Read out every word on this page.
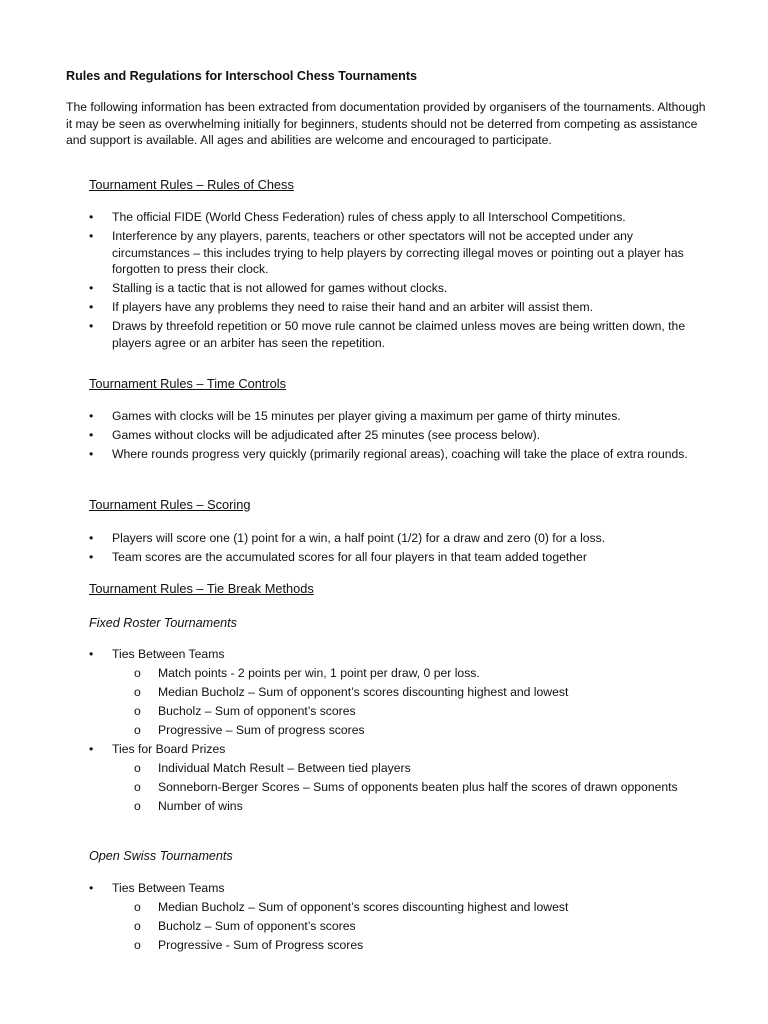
Rules and Regulations for Interschool Chess Tournaments
The following information has been extracted from documentation provided by organisers of the tournaments. Although it may be seen as overwhelming initially for beginners, students should not be deterred from competing as assistance and support is available. All ages and abilities are welcome and encouraged to participate.
Tournament Rules – Rules of Chess
• The official FIDE (World Chess Federation) rules of chess apply to all Interschool Competitions.
• Interference by any players, parents, teachers or other spectators will not be accepted under any circumstances – this includes trying to help players by correcting illegal moves or pointing out a player has forgotten to press their clock.
• Stalling is a tactic that is not allowed for games without clocks.
• If players have any problems they need to raise their hand and an arbiter will assist them.
• Draws by threefold repetition or 50 move rule cannot be claimed unless moves are being written down, the players agree or an arbiter has seen the repetition.
Tournament Rules – Time Controls
• Games with clocks will be 15 minutes per player giving a maximum per game of thirty minutes.
• Games without clocks will be adjudicated after 25 minutes (see process below).
• Where rounds progress very quickly (primarily regional areas), coaching will take the place of extra rounds.
Tournament Rules – Scoring
• Players will score one (1) point for a win, a half point (1/2) for a draw and zero (0) for a loss.
• Team scores are the accumulated scores for all four players in that team added together
Tournament Rules – Tie Break Methods
Fixed Roster Tournaments
• Ties Between Teams
o Match points - 2 points per win, 1 point per draw, 0 per loss.
o Median Bucholz – Sum of opponent’s scores discounting highest and lowest
o Bucholz – Sum of opponent’s scores
o Progressive – Sum of progress scores
• Ties for Board Prizes
o Individual Match Result – Between tied players
o Sonneborn-Berger Scores – Sums of opponents beaten plus half the scores of drawn opponents
o Number of wins
Open Swiss Tournaments
• Ties Between Teams
o Median Bucholz – Sum of opponent’s scores discounting highest and lowest
o Bucholz – Sum of opponent’s scores
o Progressive - Sum of Progress scores
